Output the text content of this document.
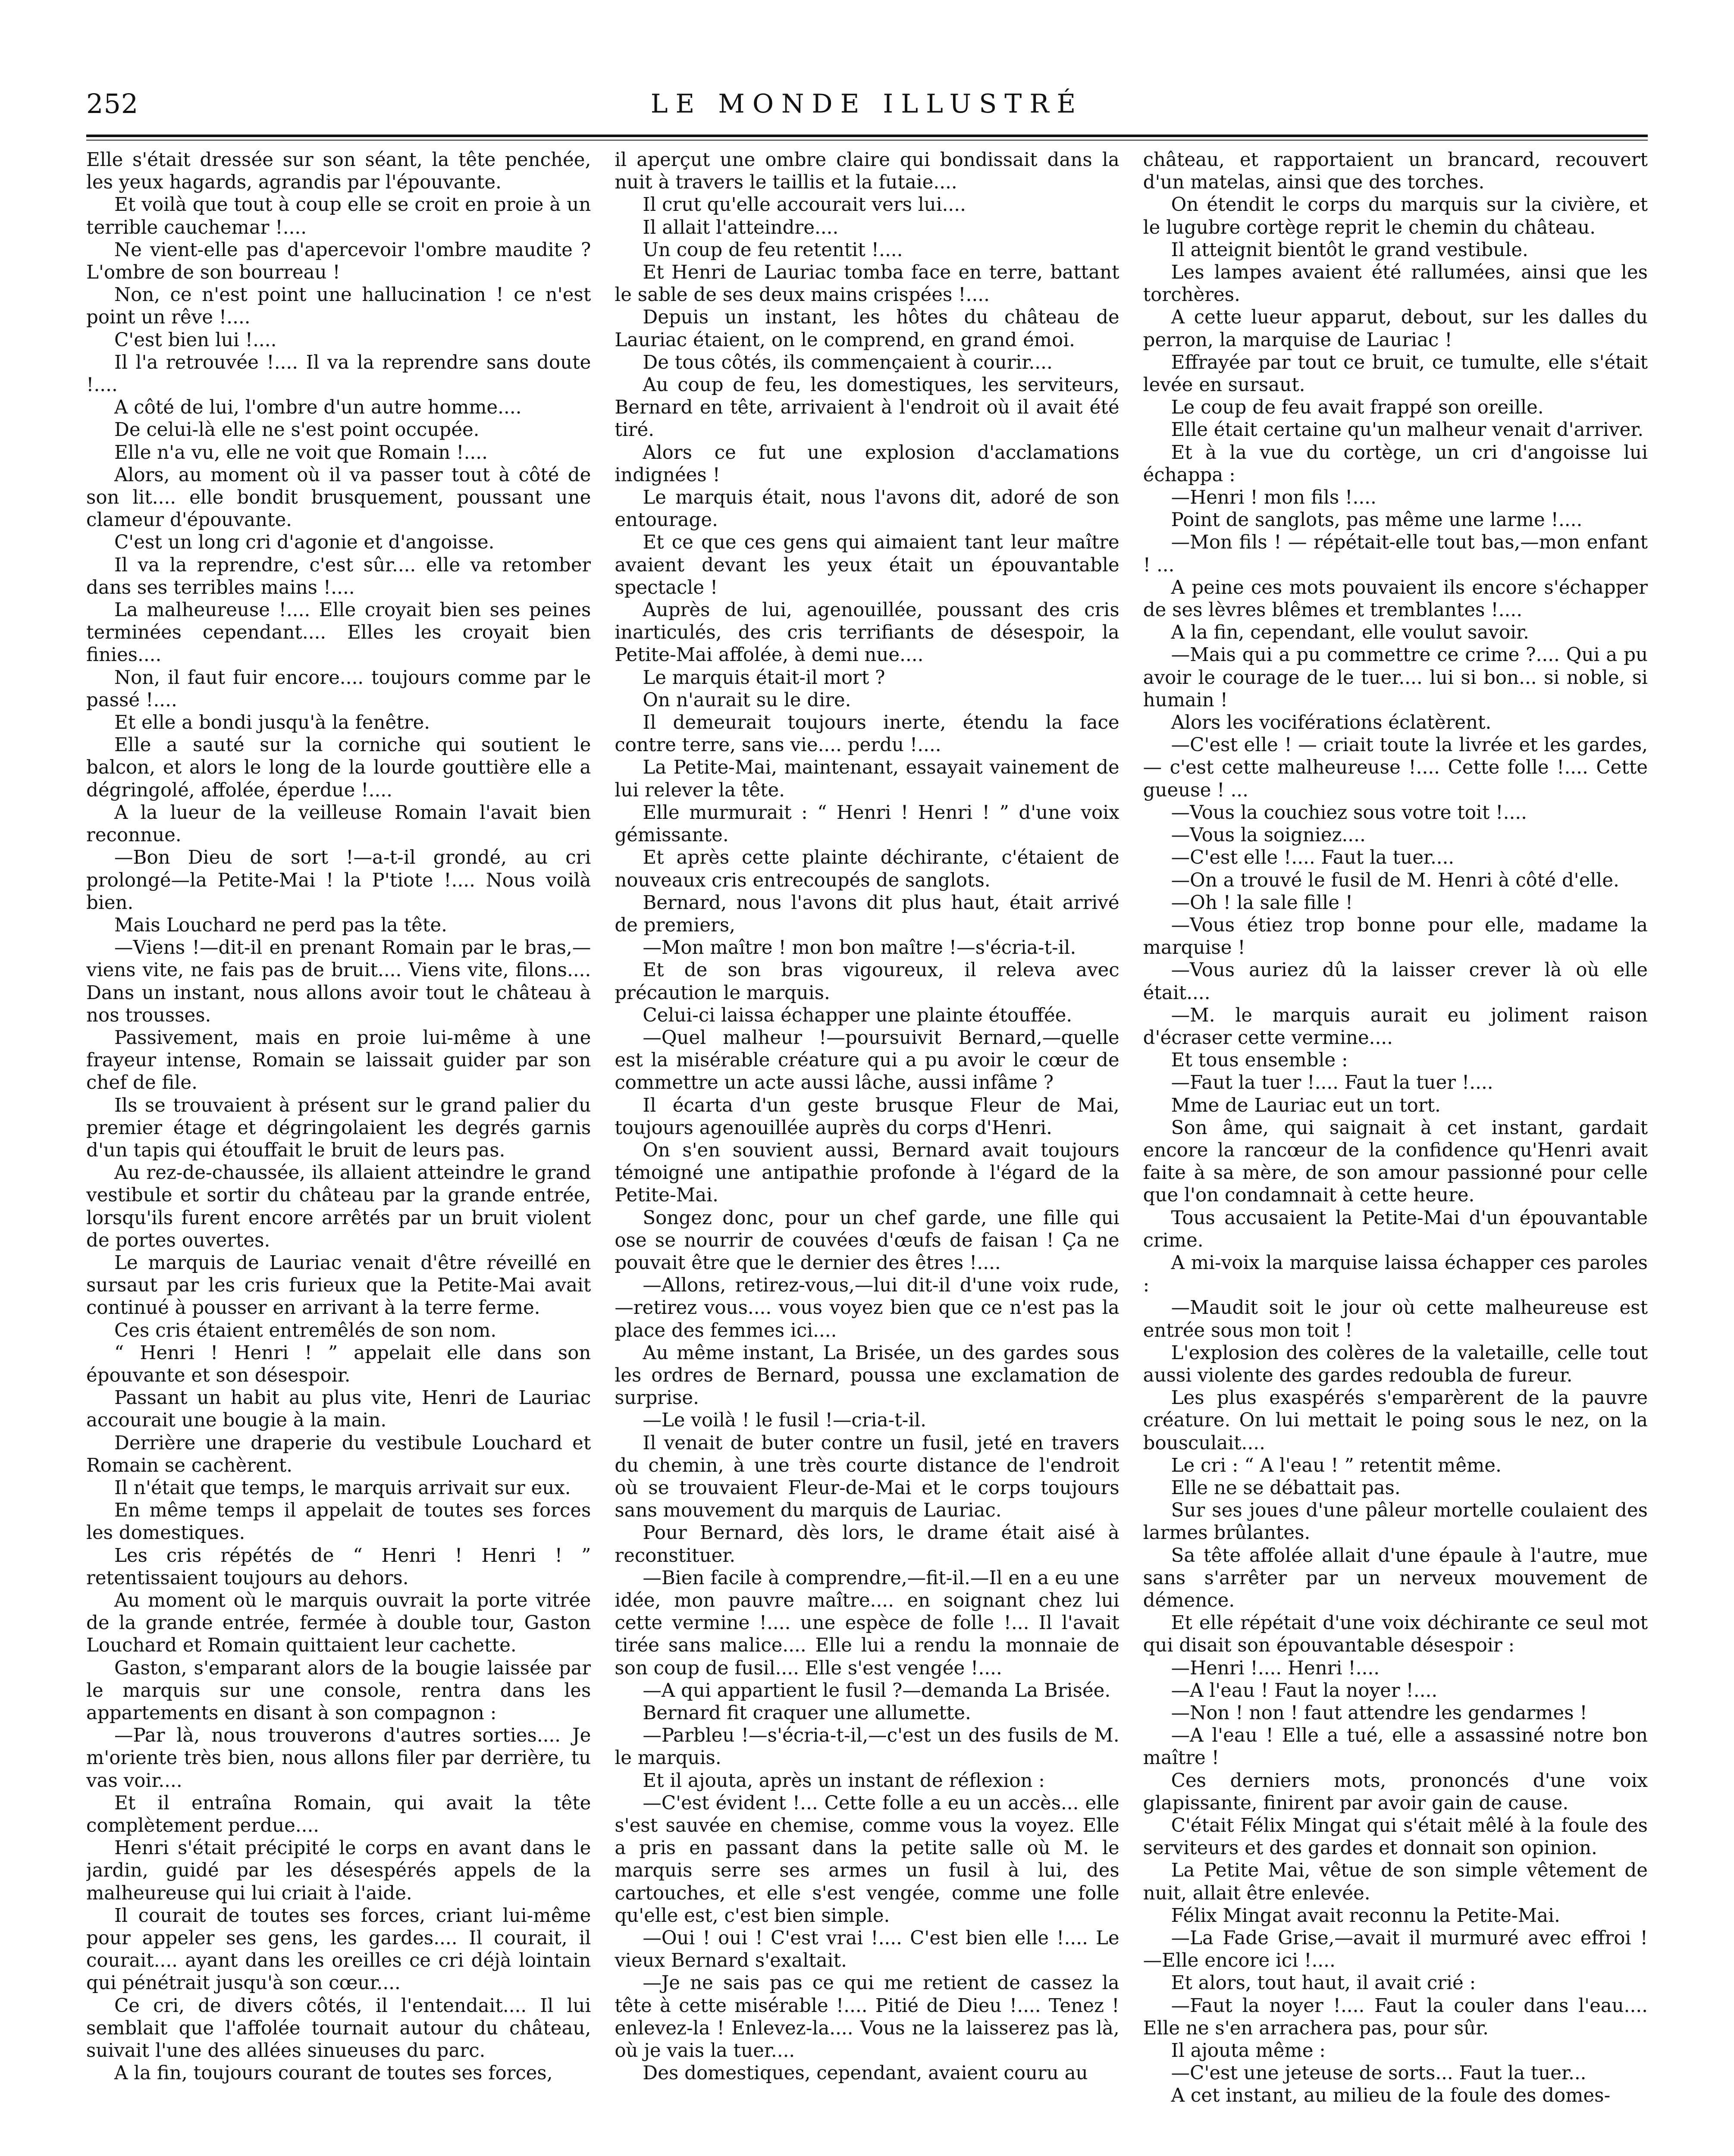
252	LE MONDE ILLUSTRÉ

Elle s'était dressée sur son séant, la tête penchée, les yeux hagards, agrandis par l'épouvante.

Et voilà que tout à coup elle se croit en proie à un terrible cauchemar !....

Ne vient-elle pas d'apercevoir l'ombre maudite ? L'ombre de son bourreau !

Non, ce n'est point une hallucination ! ce n'est point un rêve !....

C'est bien lui !....

Il l'a retrouvée !.... Il va la reprendre sans doute !....

A côté de lui, l'ombre d'un autre homme....

De celui-là elle ne s'est point occupée.

Elle n'a vu, elle ne voit que Romain !....

Alors, au moment où il va passer tout à côté de son lit.... elle bondit brusquement, poussant une clameur d'épouvante.

C'est un long cri d'agonie et d'angoisse.

Il va la reprendre, c'est sûr.... elle va retomber dans ses terribles mains !....

La malheureuse !.... Elle croyait bien ses peines terminées cependant.... Elles les croyait bien finies....

Non, il faut fuir encore.... toujours comme par le passé !....

Et elle a bondi jusqu'à la fenêtre.

Elle a sauté sur la corniche qui soutient le balcon, et alors le long de la lourde gouttière elle a dégringolé, affolée, éperdue !....

A la lueur de la veilleuse Romain l'avait bien reconnue.

—Bon Dieu de sort !—a-t-il grondé, au cri prolongé—la Petite-Mai ! la P'tiote !.... Nous voilà bien.

Mais Louchard ne perd pas la tête.

—Viens !—dit-il en prenant Romain par le bras,—viens vite, ne fais pas de bruit.... Viens vite, filons.... Dans un instant, nous allons avoir tout le château à nos trousses.

Passivement, mais en proie lui-même à une frayeur intense, Romain se laissait guider par son chef de file.

Ils se trouvaient à présent sur le grand palier du premier étage et dégringolaient les degrés garnis d'un tapis qui étouffait le bruit de leurs pas.

Au rez-de-chaussée, ils allaient atteindre le grand vestibule et sortir du château par la grande entrée, lorsqu'ils furent encore arrêtés par un bruit violent de portes ouvertes.

Le marquis de Lauriac venait d'être réveillé en sursaut par les cris furieux que la Petite-Mai avait continué à pousser en arrivant à la terre ferme.

Ces cris étaient entremêlés de son nom.

“ Henri ! Henri ! ” appelait elle dans son épouvante et son désespoir.

Passant un habit au plus vite, Henri de Lauriac accourait une bougie à la main.

Derrière une draperie du vestibule Louchard et Romain se cachèrent.

Il n'était que temps, le marquis arrivait sur eux.

En même temps il appelait de toutes ses forces les domestiques.

Les cris répétés de “ Henri ! Henri ! ” retentissaient toujours au dehors.

Au moment où le marquis ouvrait la porte vitrée de la grande entrée, fermée à double tour, Gaston Louchard et Romain quittaient leur cachette.

Gaston, s'emparant alors de la bougie laissée par le marquis sur une console, rentra dans les appartements en disant à son compagnon :

—Par là, nous trouverons d'autres sorties.... Je m'oriente très bien, nous allons filer par derrière, tu vas voir....

Et il entraîna Romain, qui avait la tête complètement perdue....

Henri s'était précipité le corps en avant dans le jardin, guidé par les désespérés appels de la malheureuse qui lui criait à l'aide.

Il courait de toutes ses forces, criant lui-même pour appeler ses gens, les gardes.... Il courait, il courait.... ayant dans les oreilles ce cri déjà lointain qui pénétrait jusqu'à son cœur....

Ce cri, de divers côtés, il l'entendait.... Il lui semblait que l'affolée tournait autour du château, suivait l'une des allées sinueuses du parc.

A la fin, toujours courant de toutes ses forces,

il aperçut une ombre claire qui bondissait dans la nuit à travers le taillis et la futaie....

Il crut qu'elle accourait vers lui....

Il allait l'atteindre....

Un coup de feu retentit !....

Et Henri de Lauriac tomba face en terre, battant le sable de ses deux mains crispées !....

Depuis un instant, les hôtes du château de Lauriac étaient, on le comprend, en grand émoi.

De tous côtés, ils commençaient à courir....

Au coup de feu, les domestiques, les serviteurs, Bernard en tête, arrivaient à l'endroit où il avait été tiré.

Alors ce fut une explosion d'acclamations indignées !

Le marquis était, nous l'avons dit, adoré de son entourage.

Et ce que ces gens qui aimaient tant leur maître avaient devant les yeux était un épouvantable spectacle !

Auprès de lui, agenouillée, poussant des cris inarticulés, des cris terrifiants de désespoir, la Petite-Mai affolée, à demi nue....

Le marquis était-il mort ?

On n'aurait su le dire.

Il demeurait toujours inerte, étendu la face contre terre, sans vie.... perdu !....

La Petite-Mai, maintenant, essayait vainement de lui relever la tête.

Elle murmurait : “ Henri ! Henri ! ” d'une voix gémissante.

Et après cette plainte déchirante, c'étaient de nouveaux cris entrecoupés de sanglots.

Bernard, nous l'avons dit plus haut, était arrivé de premiers,

—Mon maître ! mon bon maître !—s'écria-t-il.

Et de son bras vigoureux, il releva avec précaution le marquis.

Celui-ci laissa échapper une plainte étouffée.

—Quel malheur !—poursuivit Bernard,—quelle est la misérable créature qui a pu avoir le cœur de commettre un acte aussi lâche, aussi infâme ?

Il écarta d'un geste brusque Fleur de Mai, toujours agenouillée auprès du corps d'Henri.

On s'en souvient aussi, Bernard avait toujours témoigné une antipathie profonde à l'égard de la Petite-Mai.

Songez donc, pour un chef garde, une fille qui ose se nourrir de couvées d'œufs de faisan ! Ça ne pouvait être que le dernier des êtres !....

—Allons, retirez-vous,—lui dit-il d'une voix rude,—retirez vous.... vous voyez bien que ce n'est pas la place des femmes ici....

Au même instant, La Brisée, un des gardes sous les ordres de Bernard, poussa une exclamation de surprise.

—Le voilà ! le fusil !—cria-t-il.

Il venait de buter contre un fusil, jeté en travers du chemin, à une très courte distance de l'endroit où se trouvaient Fleur-de-Mai et le corps toujours sans mouvement du marquis de Lauriac.

Pour Bernard, dès lors, le drame était aisé à reconstituer.

—Bien facile à comprendre,—fit-il.—Il en a eu une idée, mon pauvre maître.... en soignant chez lui cette vermine !.... une espèce de folle !... Il l'avait tirée sans malice.... Elle lui a rendu la monnaie de son coup de fusil.... Elle s'est vengée !....

—A qui appartient le fusil ?—demanda La Brisée.

Bernard fit craquer une allumette.

—Parbleu !—s'écria-t-il,—c'est un des fusils de M. le marquis.

Et il ajouta, après un instant de réflexion :

—C'est évident !... Cette folle a eu un accès... elle s'est sauvée en chemise, comme vous la voyez. Elle a pris en passant dans la petite salle où M. le marquis serre ses armes un fusil à lui, des cartouches, et elle s'est vengée, comme une folle qu'elle est, c'est bien simple.

—Oui ! oui ! C'est vrai !.... C'est bien elle !.... Le vieux Bernard s'exaltait.

—Je ne sais pas ce qui me retient de cassez la tête à cette misérable !.... Pitié de Dieu !.... Tenez ! enlevez-la ! Enlevez-la.... Vous ne la laisserez pas là, où je vais la tuer....

Des domestiques, cependant, avaient couru au

château, et rapportaient un brancard, recouvert d'un matelas, ainsi que des torches.

On étendit le corps du marquis sur la civière, et le lugubre cortège reprit le chemin du château.

Il atteignit bientôt le grand vestibule.

Les lampes avaient été rallumées, ainsi que les torchères.

A cette lueur apparut, debout, sur les dalles du perron, la marquise de Lauriac !

Effrayée par tout ce bruit, ce tumulte, elle s'était levée en sursaut.

Le coup de feu avait frappé son oreille.

Elle était certaine qu'un malheur venait d'arriver.

Et à la vue du cortège, un cri d'angoisse lui échappa :

—Henri ! mon fils !....

Point de sanglots, pas même une larme !....

—Mon fils ! — répétait-elle tout bas,—mon enfant ! ...

A peine ces mots pouvaient ils encore s'échapper de ses lèvres blêmes et tremblantes !....

A la fin, cependant, elle voulut savoir.

—Mais qui a pu commettre ce crime ?.... Qui a pu avoir le courage de le tuer.... lui si bon... si noble, si humain !

Alors les vociférations éclatèrent.

—C'est elle ! — criait toute la livrée et les gardes, — c'est cette malheureuse !.... Cette folle !.... Cette gueuse ! ...

—Vous la couchiez sous votre toit !....

—Vous la soigniez....

—C'est elle !.... Faut la tuer....

—On a trouvé le fusil de M. Henri à côté d'elle.

—Oh ! la sale fille !

—Vous étiez trop bonne pour elle, madame la marquise !

—Vous auriez dû la laisser crever là où elle était....

—M. le marquis aurait eu joliment raison d'écraser cette vermine....

Et tous ensemble :

—Faut la tuer !.... Faut la tuer !....

Mme de Lauriac eut un tort.

Son âme, qui saignait à cet instant, gardait encore la rancœur de la confidence qu'Henri avait faite à sa mère, de son amour passionné pour celle que l'on condamnait à cette heure.

Tous accusaient la Petite-Mai d'un épouvantable crime.

A mi-voix la marquise laissa échapper ces paroles :

—Maudit soit le jour où cette malheureuse est entrée sous mon toit !

L'explosion des colères de la valetaille, celle tout aussi violente des gardes redoubla de fureur.

Les plus exaspérés s'emparèrent de la pauvre créature. On lui mettait le poing sous le nez, on la bousculait....

Le cri : “ A l'eau ! ” retentit même.

Elle ne se débattait pas.

Sur ses joues d'une pâleur mortelle coulaient des larmes brûlantes.

Sa tête affolée allait d'une épaule à l'autre, mue sans s'arrêter par un nerveux mouvement de démence.

Et elle répétait d'une voix déchirante ce seul mot qui disait son épouvantable désespoir :

—Henri !.... Henri !....

—A l'eau ! Faut la noyer !....

—Non ! non ! faut attendre les gendarmes !

—A l'eau ! Elle a tué, elle a assassiné notre bon maître !

Ces derniers mots, prononcés d'une voix glapissante, finirent par avoir gain de cause.

C'était Félix Mingat qui s'était mêlé à la foule des serviteurs et des gardes et donnait son opinion.

La Petite Mai, vêtue de son simple vêtement de nuit, allait être enlevée.

Félix Mingat avait reconnu la Petite-Mai.

—La Fade Grise,—avait il murmuré avec effroi ! —Elle encore ici !....

Et alors, tout haut, il avait crié :

—Faut la noyer !.... Faut la couler dans l'eau.... Elle ne s'en arrachera pas, pour sûr.

Il ajouta même :

—C'est une jeteuse de sorts... Faut la tuer...

A cet instant, au milieu de la foule des domes-
